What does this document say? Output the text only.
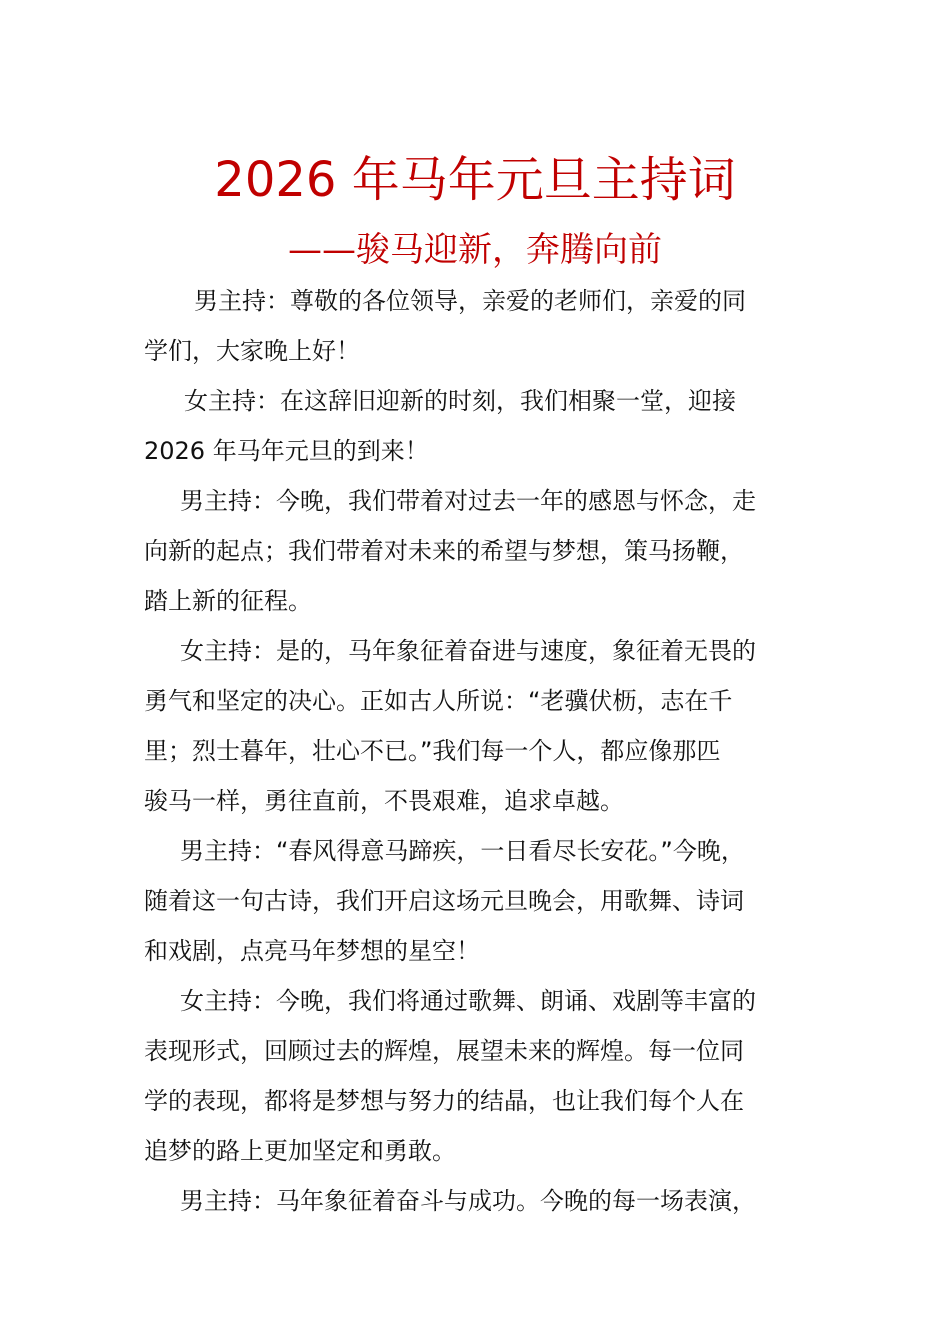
2026 年马年元旦主持词
——骏马迎新，奔腾向前

男主持：尊敬的各位领导，亲爱的老师们，亲爱的同
学们，大家晚上好！

女主持：在这辞旧迎新的时刻，我们相聚一堂，迎接
2026 年马年元旦的到来！

男主持：今晚，我们带着对过去一年的感恩与怀念，走
向新的起点；我们带着对未来的希望与梦想，策马扬鞭，
踏上新的征程。

女主持：是的，马年象征着奋进与速度，象征着无畏的
勇气和坚定的决心。正如古人所说：“老骥伏枥，志在千
里；烈士暮年，壮心不已。”我们每一个人，都应像那匹
骏马一样，勇往直前，不畏艰难，追求卓越。

男主持：“春风得意马蹄疾，一日看尽长安花。”今晚，
随着这一句古诗，我们开启这场元旦晚会，用歌舞、诗词
和戏剧，点亮马年梦想的星空！

女主持：今晚，我们将通过歌舞、朗诵、戏剧等丰富的
表现形式，回顾过去的辉煌，展望未来的辉煌。每一位同
学的表现，都将是梦想与努力的结晶，也让我们每个人在
追梦的路上更加坚定和勇敢。

男主持：马年象征着奋斗与成功。今晚的每一场表演，
